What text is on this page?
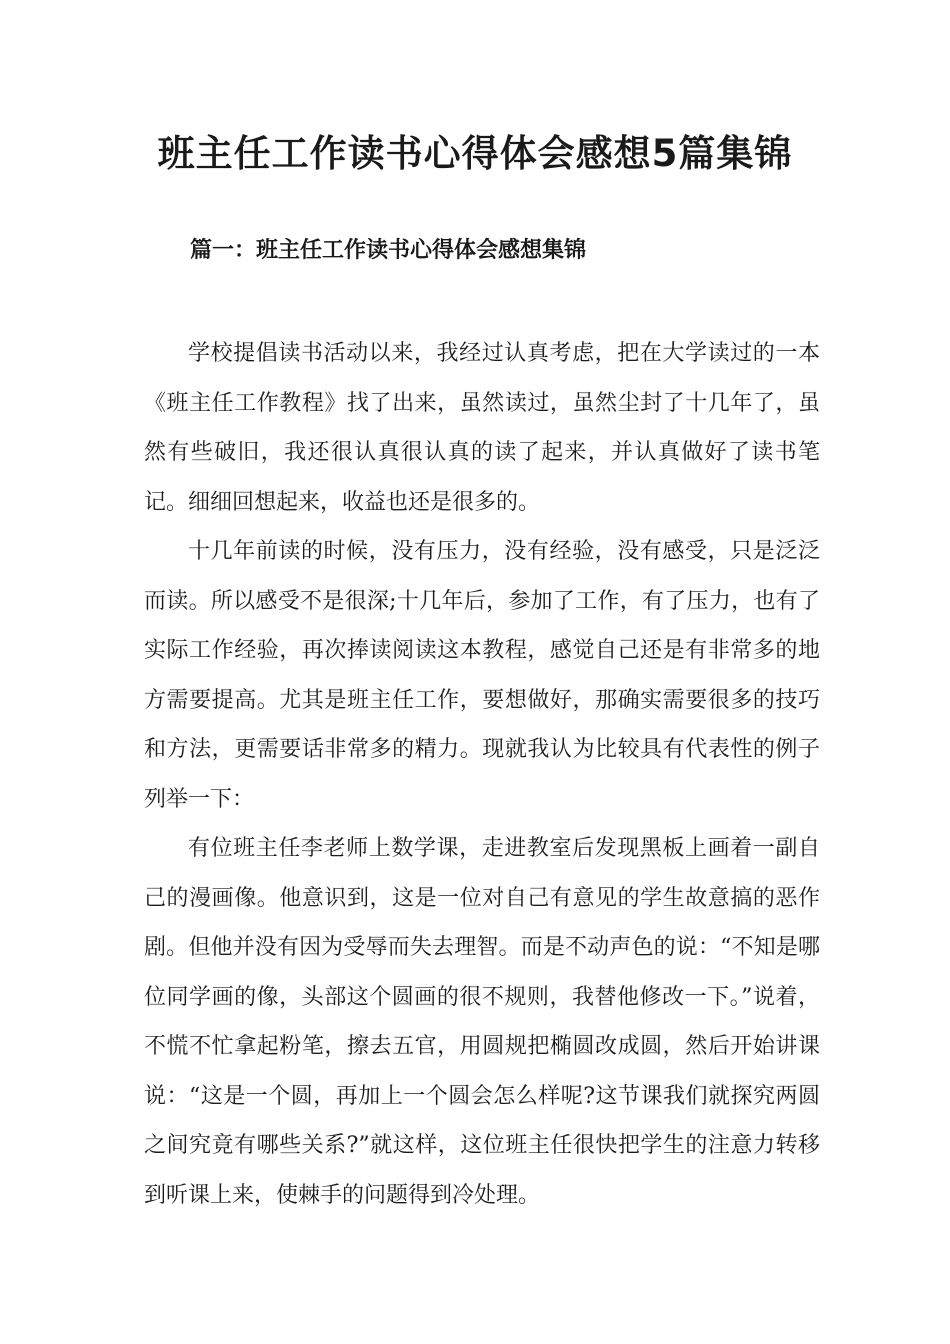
班主任工作读书心得体会感想5篇集锦
篇一：班主任工作读书心得体会感想集锦

学校提倡读书活动以来，我经过认真考虑，把在大学读过的一本《班主任工作教程》找了出来，虽然读过，虽然尘封了十几年了，虽然有些破旧，我还很认真很认真的读了起来，并认真做好了读书笔记。细细回想起来，收益也还是很多的。

十几年前读的时候，没有压力，没有经验，没有感受，只是泛泛而读。所以感受不是很深;十几年后，参加了工作，有了压力，也有了实际工作经验，再次捧读阅读这本教程，感觉自己还是有非常多的地方需要提高。尤其是班主任工作，要想做好，那确实需要很多的技巧和方法，更需要话非常多的精力。现就我认为比较具有代表性的例子列举一下：

有位班主任李老师上数学课，走进教室后发现黑板上画着一副自己的漫画像。他意识到，这是一位对自己有意见的学生故意搞的恶作剧。但他并没有因为受辱而失去理智。而是不动声色的说：“不知是哪位同学画的像，头部这个圆画的很不规则，我替他修改一下。”说着，不慌不忙拿起粉笔，擦去五官，用圆规把椭圆改成圆，然后开始讲课说：“这是一个圆，再加上一个圆会怎么样呢?这节课我们就探究两圆之间究竟有哪些关系?”就这样，这位班主任很快把学生的注意力转移到听课上来，使棘手的问题得到冷处理。
